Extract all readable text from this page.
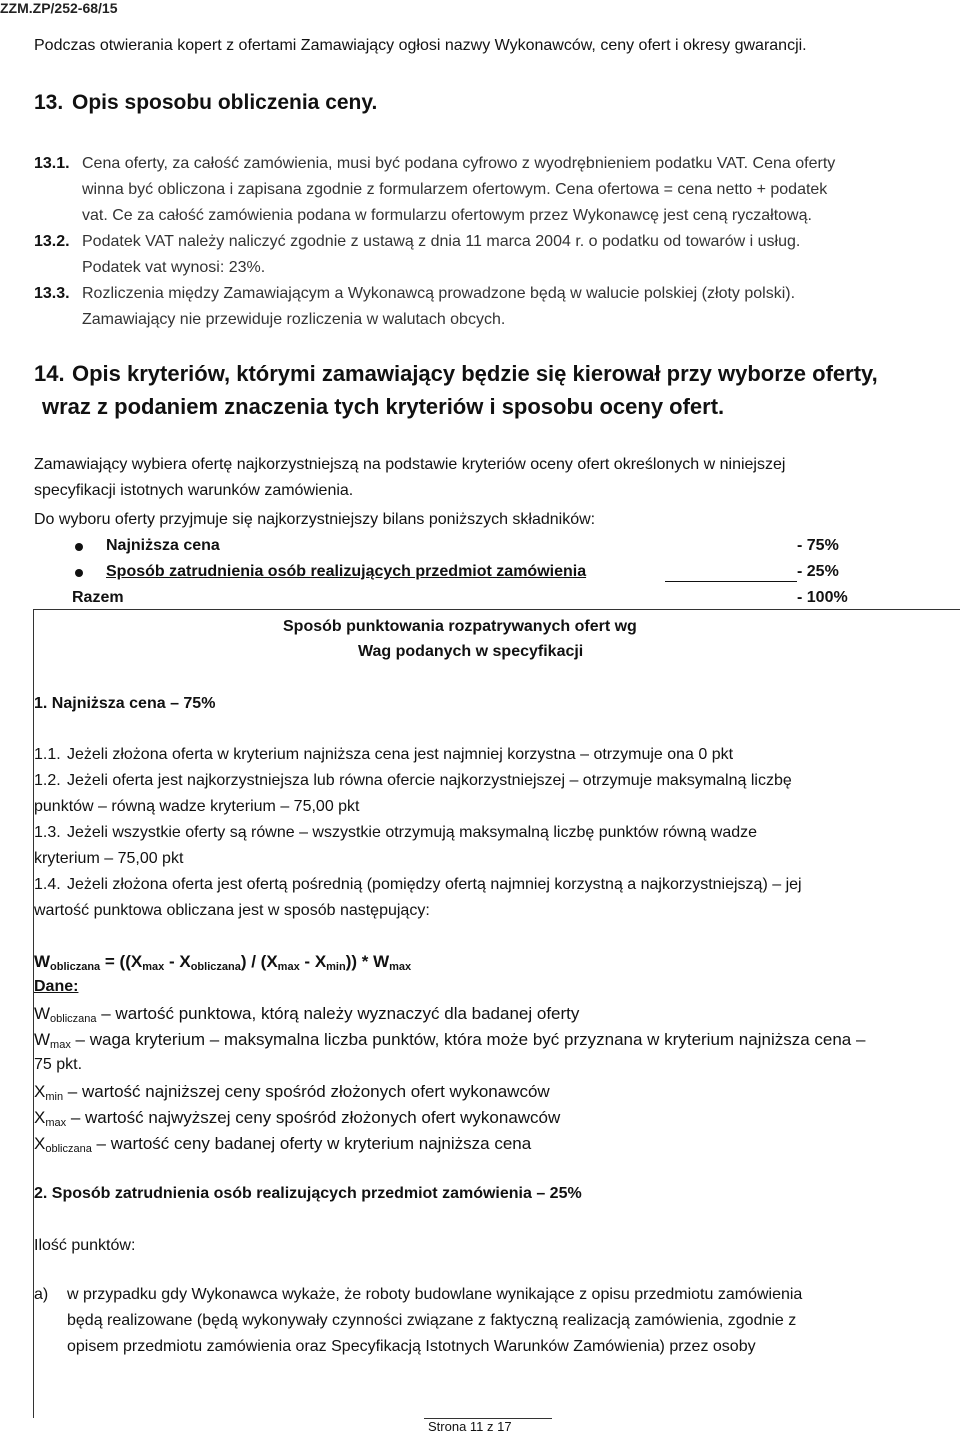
ZZM.ZP/252-68/15
Podczas otwierania kopert z ofertami Zamawiający ogłosi nazwy Wykonawców, ceny ofert i okresy gwarancji.
13. Opis sposobu obliczenia ceny.
13.1. Cena oferty, za całość zamówienia, musi być podana cyfrowo z wyodrębnieniem podatku VAT. Cena oferty
winna być obliczona i zapisana zgodnie z formularzem ofertowym. Cena ofertowa = cena netto + podatek
vat. Ce za całość zamówienia podana w formularzu ofertowym przez Wykonawcę jest ceną ryczałtową.
13.2. Podatek VAT należy naliczyć zgodnie z ustawą z dnia 11 marca 2004 r. o podatku od towarów i usług.
Podatek vat wynosi: 23%.
13.3. Rozliczenia między Zamawiającym a Wykonawcą prowadzone będą w walucie polskiej (złoty polski).
Zamawiający nie przewiduje rozliczenia w walutach obcych.
14. Opis kryteriów, którymi zamawiający będzie się kierował przy wyborze oferty,
wraz z podaniem znaczenia tych kryteriów i sposobu oceny ofert.
Zamawiający wybiera ofertę najkorzystniejszą na podstawie kryteriów oceny ofert określonych w niniejszej
specyfikacji istotnych warunków zamówienia.
Do wyboru oferty przyjmuje się najkorzystniejszy bilans poniższych składników:
Najniższa cena	- 75%
Sposób zatrudnienia osób realizujących przedmiot zamówienia	- 25%
Razem	- 100%
Sposób punktowania rozpatrywanych ofert wg
Wag podanych w specyfikacji
1. Najniższa cena – 75%
1.1. Jeżeli złożona oferta w kryterium najniższa cena jest najmniej korzystna – otrzymuje ona 0 pkt
1.2. Jeżeli oferta jest najkorzystniejsza lub równa ofercie najkorzystniejszej – otrzymuje maksymalną liczbę
punktów – równą wadze kryterium – 75,00 pkt
1.3. Jeżeli wszystkie oferty są równe – wszystkie otrzymują maksymalną liczbę punktów równą wadze
kryterium – 75,00 pkt
1.4. Jeżeli złożona oferta jest ofertą pośrednią (pomiędzy ofertą najmniej korzystną a najkorzystniejszą) – jej
wartość punktowa obliczana jest w sposób następujący:
$W_{obliczana} = ((X_{max} - X_{obliczana}) / (X_{max} - X_{min})) * W_{max}$
Dane:
$W_{obliczana}$ – wartość punktowa, którą należy wyznaczyć dla badanej oferty
$W_{max}$ – waga kryterium – maksymalna liczba punktów, która może być przyznana w kryterium najniższa cena –
75 pkt.
$X_{min}$ – wartość najniższej ceny spośród złożonych ofert wykonawców
$X_{max}$ – wartość najwyższej ceny spośród złożonych ofert wykonawców
$X_{obliczana}$ – wartość ceny badanej oferty w kryterium najniższa cena
2. Sposób zatrudnienia osób realizujących przedmiot zamówienia – 25%
Ilość punktów:
a) w przypadku gdy Wykonawca wykaże, że roboty budowlane wynikające z opisu przedmiotu zamówienia
będą realizowane (będą wykonywały czynności związane z faktyczną realizacją zamówienia, zgodnie z
opisem przedmiotu zamówienia oraz Specyfikacją Istotnych Warunków Zamówienia) przez osoby
Strona 11 z 17
